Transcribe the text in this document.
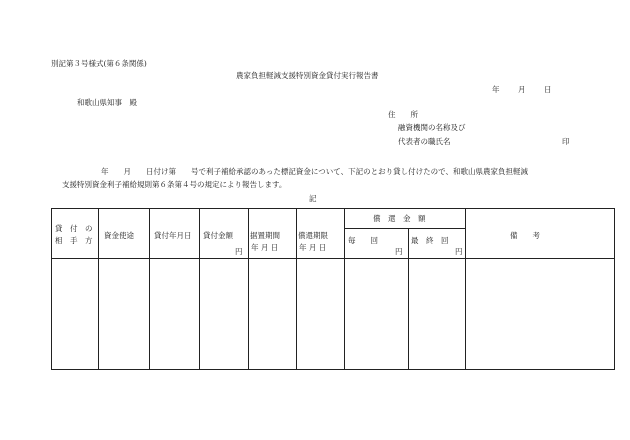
別記第３号様式(第６条関係)
農家負担軽減支援特別資金貸付実行報告書
年 月 日
和歌山県知事　殿
住　　所
融資機関の名称及び
代表者の職氏名	印
年　　月　　日付け第　　号で利子補給承認のあった標記資金について、下記のとおり貸し付けたので、和歌山県農家負担軽減
支援特別資金利子補給規則第６条第４号の規定により報告します。
記
貸　付　の
相　手　方
資金使途	貸付年月日 貸付金額
円
据置期間
年 月 日
償還期限
年 月 日
償　還　金　額
毎　　回
円
最　終　回
円
備　　考
